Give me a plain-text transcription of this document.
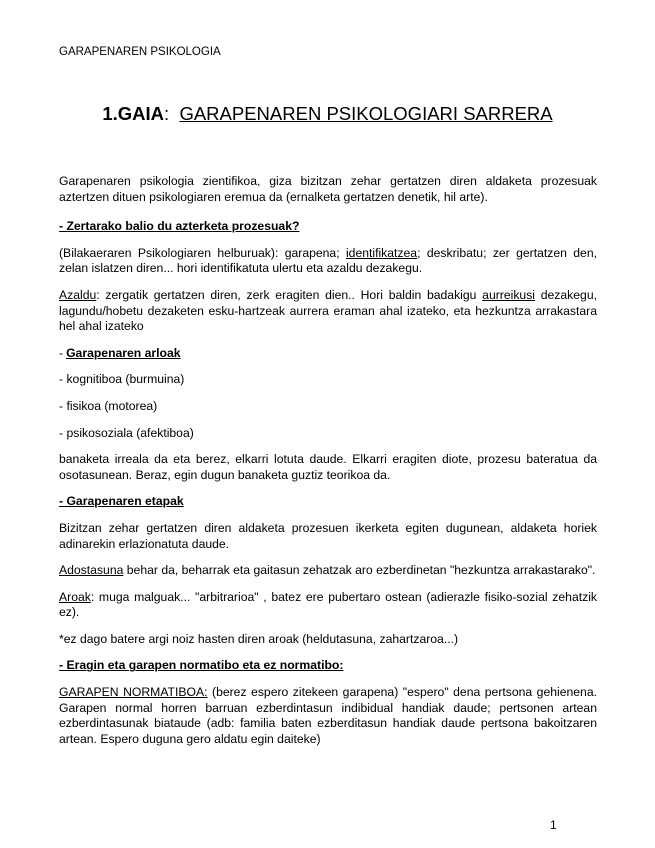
GARAPENAREN PSIKOLOGIA
1.GAIA: GARAPENAREN PSIKOLOGIARI SARRERA

Garapenaren psikologia zientifikoa, giza bizitzan zehar gertatzen diren aldaketa prozesuak aztertzen dituen psikologiaren eremua da (ernalketa gertatzen denetik, hil arte).

- Zertarako balio du azterketa prozesuak?

(Bilakaeraren Psikologiaren helburuak): garapena; identifikatzea; deskribatu; zer gertatzen den, zelan islatzen diren... hori identifikatuta ulertu eta azaldu dezakegu.

Azaldu: zergatik gertatzen diren, zerk eragiten dien.. Hori baldin badakigu aurreikusi dezakegu, lagundu/hobetu dezaketen esku-hartzeak aurrera eraman ahal izateko, eta hezkuntza arrakastara hel ahal izateko

- Garapenaren arloak

- kognitiboa (burmuina)

- fisikoa (motorea)

- psikosoziala (afektiboa)

banaketa irreala da eta berez, elkarri lotuta daude. Elkarri eragiten diote, prozesu bateratua da osotasunean. Beraz, egin dugun banaketa guztiz teorikoa da.

- Garapenaren etapak

Bizitzan zehar gertatzen diren aldaketa prozesuen ikerketa egiten dugunean, aldaketa horiek adinarekin erlazionatuta daude.

Adostasuna behar da, beharrak eta gaitasun zehatzak aro ezberdinetan "hezkuntza arrakastarako".

Aroak: muga malguak... "arbitrarioa" , batez ere pubertaro ostean (adierazle fisiko-sozial zehatzik ez).

*ez dago batere argi noiz hasten diren aroak (heldutasuna, zahartzaroa...)

- Eragin eta garapen normatibo eta ez normatibo:

GARAPEN NORMATIBOA: (berez espero zitekeen garapena) "espero" dena pertsona gehienena. Garapen normal horren barruan ezberdintasun indibidual handiak daude; pertsonen artean ezberdintasunak biataude (adb: familia baten ezberditasun handiak daude pertsona bakoitzaren artean. Espero duguna gero aldatu egin daiteke)

1
